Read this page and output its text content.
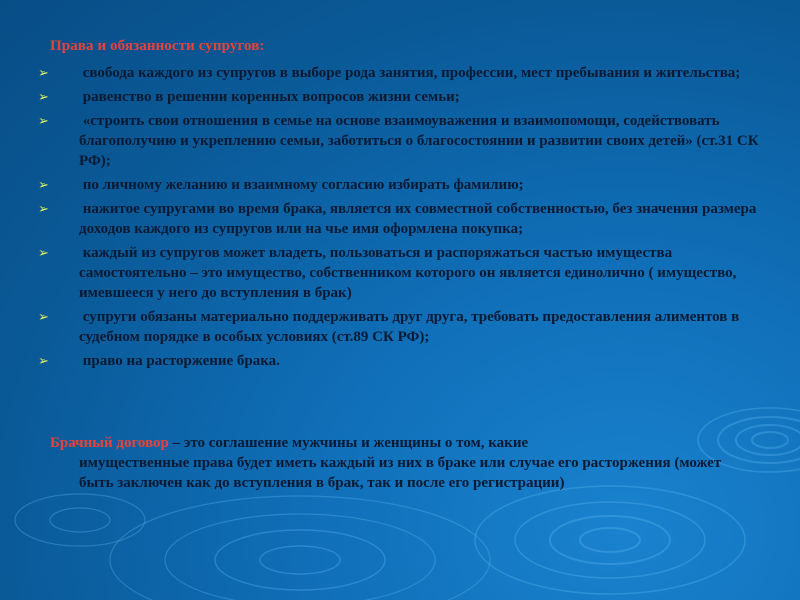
Права и обязанности супругов:
➢ свобода каждого из супругов в выборе рода занятия, профессии, мест пребывания и жительства;
➢ равенство в решении коренных вопросов жизни семьи;
➢ «строить свои отношения в семье на основе взаимоуважения и взаимопомощи, содействовать благополучию и укреплению семьи, заботиться о благосостоянии и развитии своих детей» (ст.31 СК РФ);
➢ по личному желанию и взаимному согласию избирать фамилию;
➢ нажитое супругами во время брака, является их совместной собственностью, без значения размера доходов каждого из супругов или на чье имя оформлена покупка;
➢ каждый из супругов может владеть, пользоваться и распоряжаться частью имущества самостоятельно – это имущество, собственником которого он является единолично ( имущество, имевшееся у него до вступления в брак)
➢ супруги обязаны материально поддерживать друг друга, требовать предоставления алиментов в судебном порядке в особых условиях (ст.89 СК РФ);
➢ право на расторжение брака.
Брачный договор – это соглашение мужчины и женщины о том, какие
имущественные права будет иметь каждый из них в браке или случае его расторжения (может быть заключен как до вступления в брак, так и после его регистрации)
